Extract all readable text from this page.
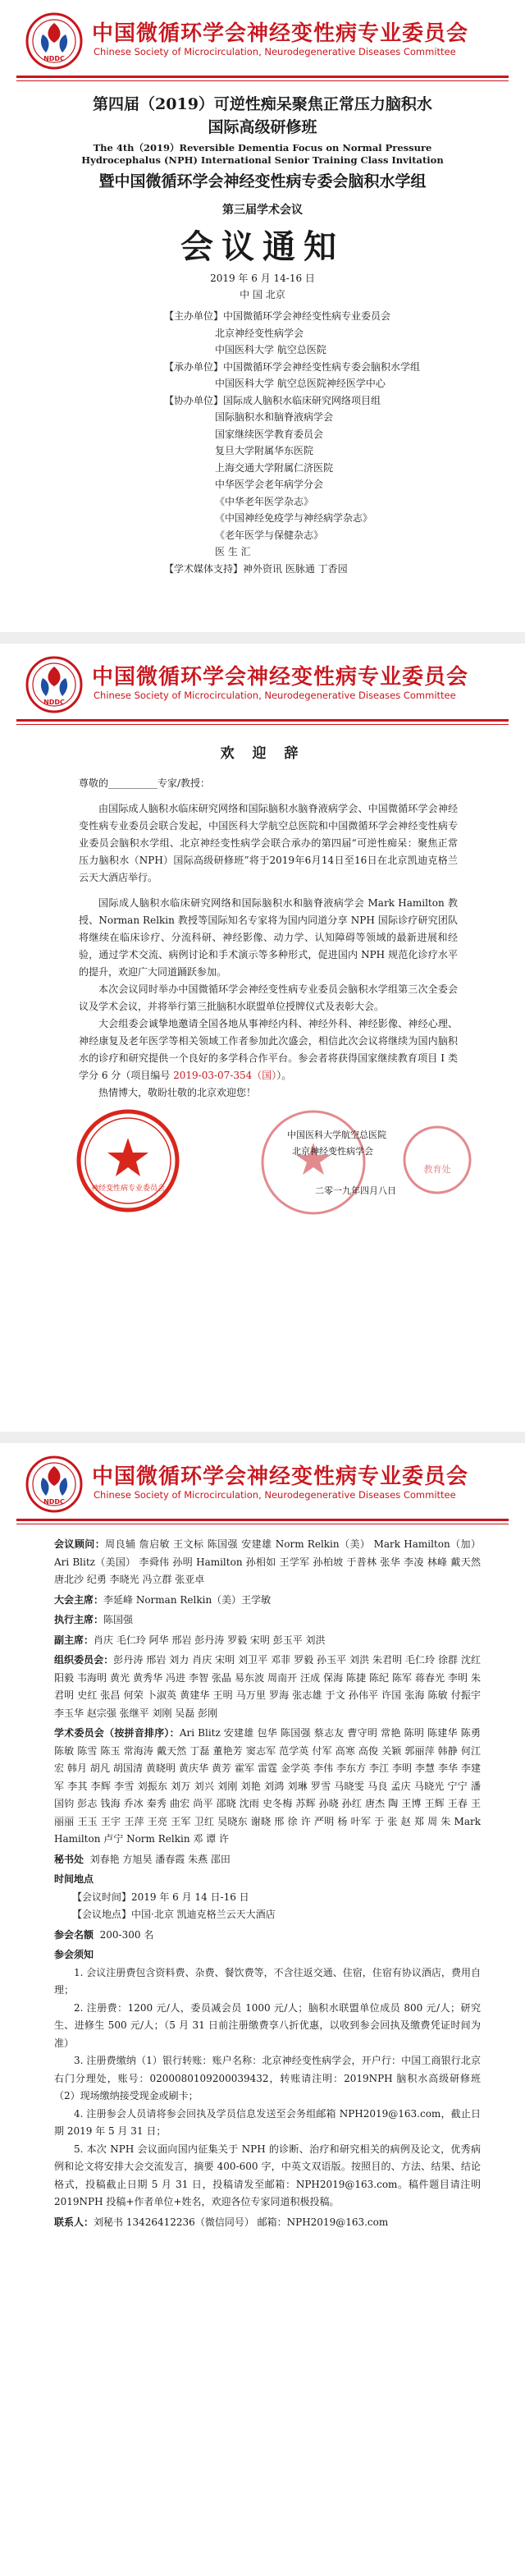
NDDC
中国微循环学会神经变性病专业委员会
Chinese Society of Microcirculation, Neurodegenerative Diseases Committee
第四届（2019）可逆性痴呆聚焦正常压力脑积水
国际高级研修班
The 4th（2019）Reversible Dementia Focus on Normal Pressure Hydrocephalus (NPH) International Senior Training Class Invitation
暨中国微循环学会神经变性病专委会脑积水学组
第三届学术会议
会议通知
2019 年 6 月 14-16 日
中 国 北京
【主办单位】中国微循环学会神经变性病专业委员会
北京神经变性病学会
中国医科大学 航空总医院
【承办单位】中国微循环学会神经变性病专委会脑积水学组
中国医科大学 航空总医院神经医学中心
【协办单位】国际成人脑积水临床研究网络项目组
国际脑积水和脑脊液病学会
国家继续医学教育委员会
复旦大学附属华东医院
上海交通大学附属仁济医院
中华医学会老年病学分会
《中华老年医学杂志》
《中国神经免疫学与神经病学杂志》
《老年医学与保健杂志》
医 生 汇
【学术媒体支持】神外资讯 医脉通 丁香园
NDDC
中国微循环学会神经变性病专业委员会
Chinese Society of Microcirculation, Neurodegenerative Diseases Committee
欢 迎 辞

尊敬的__________专家/教授：

由国际成人脑积水临床研究网络和国际脑积水脑脊液病学会、中国微循环学会神经变性病专业委员会联合发起，中国医科大学航空总医院和中国微循环学会神经变性病专业委员会脑积水学组、北京神经变性病学会联合承办的第四届“可逆性痴呆：聚焦正常压力脑积水（NPH）国际高级研修班”将于2019年6月14日至16日在北京凯迪克格兰云天大酒店举行。

国际成人脑积水临床研究网络和国际脑积水和脑脊液病学会 Mark Hamilton 教授、Norman Relkin 教授等国际知名专家将为国内同道分享 NPH 国际诊疗研究团队将继续在临床诊疗、分流科研、神经影像、动力学、认知障碍等领域的最新进展和经验，通过学术交流、病例讨论和手术演示等多种形式，促进国内 NPH 规范化诊疗水平的提升，欢迎广大同道踊跃参加。

本次会议同时举办中国微循环学会神经变性病专业委员会脑积水学组第三次全委会议及学术会议，并将举行第三批脑积水联盟单位授牌仪式及表彰大会。

大会组委会诚挚地邀请全国各地从事神经内科、神经外科、神经影像、神经心理、神经康复及老年医学等相关领域工作者参加此次盛会，相信此次会议将继续为国内脑积水的诊疗和研究提供一个良好的多学科合作平台。参会者将获得国家继续教育项目 I 类学分 6 分（项目编号 2019-03-07-354（国））。

热情博大，敬盼壮敬的北京欢迎您！

神经变性病专业委员会
教育处
中国医科大学航空总医院
北京神经变性病学会
二零一九年四月八日
NDDC
中国微循环学会神经变性病专业委员会
Chinese Society of Microcirculation, Neurodegenerative Diseases Committee

会议顾问：周良辅 詹启敏 王文标 陈国强 安建雄 Norm Relkin（美） Mark Hamilton（加） Ari Blitz（美国） 李舜伟 孙明 Hamilton 孙相如 王学军 孙柏坡 于普林 张华 李凌 林峰 戴天然 唐北沙 纪勇 李晓光 冯立群 张亚卓

大会主席：李延峰 Norman Relkin（美）王学敏

执行主席：陈国强

副主席：肖庆 毛仁玲 阿华 邢岩 彭丹涛 罗毅 宋明 彭玉平 刘洪

组织委员会：彭丹涛 邢岩 刘力 肖庆 宋明 刘卫平 邓菲 罗毅 孙玉平 刘洪 朱君明 毛仁玲 徐群 沈红 阳毅 韦海明 黄光 黄秀华 冯进 李智 张晶 易东波 周南开 汪成 保海 陈捷 陈纪 陈军 蒋春光 李明 朱君明 史红 张昌 何荣 卜淑英 黄建华 王明 马万里 罗海 张志雄 于文 孙伟平 许国 张海 陈敏 付振宇 李玉华 赵宗强 张继平 刘刚 吴磊 彭刚

学术委员会（按拼音排序）：Ari Blitz 安建雄 包华 陈国强 蔡志友 曹守明 常艳 陈明 陈建华 陈勇 陈敏 陈雪 陈玉 常海涛 戴天然 丁磊 董艳芳 窦志军 范学英 付军 高寒 高俊 关颖 郭丽萍 韩静 何江宏 韩月 胡凡 胡国清 黄晓明 黄庆华 黄芳 霍军 雷霆 金学英 李伟 李东方 李江 李明 李慧 李华 李建军 李其 李辉 李雪 刘振东 刘万 刘兴 刘刚 刘艳 刘鸿 刘琳 罗雪 马晓雯 马良 孟庆 马晓光 宁宁 潘国钧 彭志 钱海 乔冰 秦秀 曲宏 尚平 邵晓 沈雨 史冬梅 苏辉 孙晓 孙红 唐杰 陶 王博 王辉 王春 王丽丽 王玉 王宇 王萍 王亮 王军 卫红 吴晓东 谢晓 邢 徐 许 严明 杨 叶军 于 张 赵 郑 周 朱 Mark Hamilton 卢宁 Norm Relkin 邓 谭 许

秘书处 刘春艳 方旭昊 潘春霞 朱燕 邵田

时间地点

【会议时间】2019 年 6 月 14 日-16 日

【会议地点】中国·北京 凯迪克格兰云天大酒店

参会名额 200-300 名

参会须知

1. 会议注册费包含资料费、杂费、餐饮费等，不含往返交通、住宿，住宿有协议酒店，费用自理；

2. 注册费：1200 元/人，委员减会员 1000 元/人；脑积水联盟单位成员 800 元/人；研究生、进修生 500 元/人；（5 月 31 日前注册缴费享八折优惠，以收到参会回执及缴费凭证时间为准）

3. 注册费缴纳（1）银行转账：账户名称：北京神经变性病学会，开户行：中国工商银行北京右门分理处，账号：0200080109200039432，转账请注明：2019NPH 脑积水高级研修班（2）现场缴纳接受现金或刷卡；

4. 注册参会人员请将参会回执及学员信息发送至会务组邮箱 NPH2019@163.com，截止日期 2019 年 5 月 31 日；

5. 本次 NPH 会议面向国内征集关于 NPH 的诊断、治疗和研究相关的病例及论文，优秀病例和论文将安排大会交流发言，摘要 400-600 字，中英文双语版。按照目的、方法、结果、结论格式，投稿截止日期 5 月 31 日，投稿请发至邮箱：NPH2019@163.com。稿件题目请注明 2019NPH 投稿+作者单位+姓名，欢迎各位专家同道积极投稿。

联系人：刘秘书 13426412236（微信同号） 邮箱：NPH2019@163.com
